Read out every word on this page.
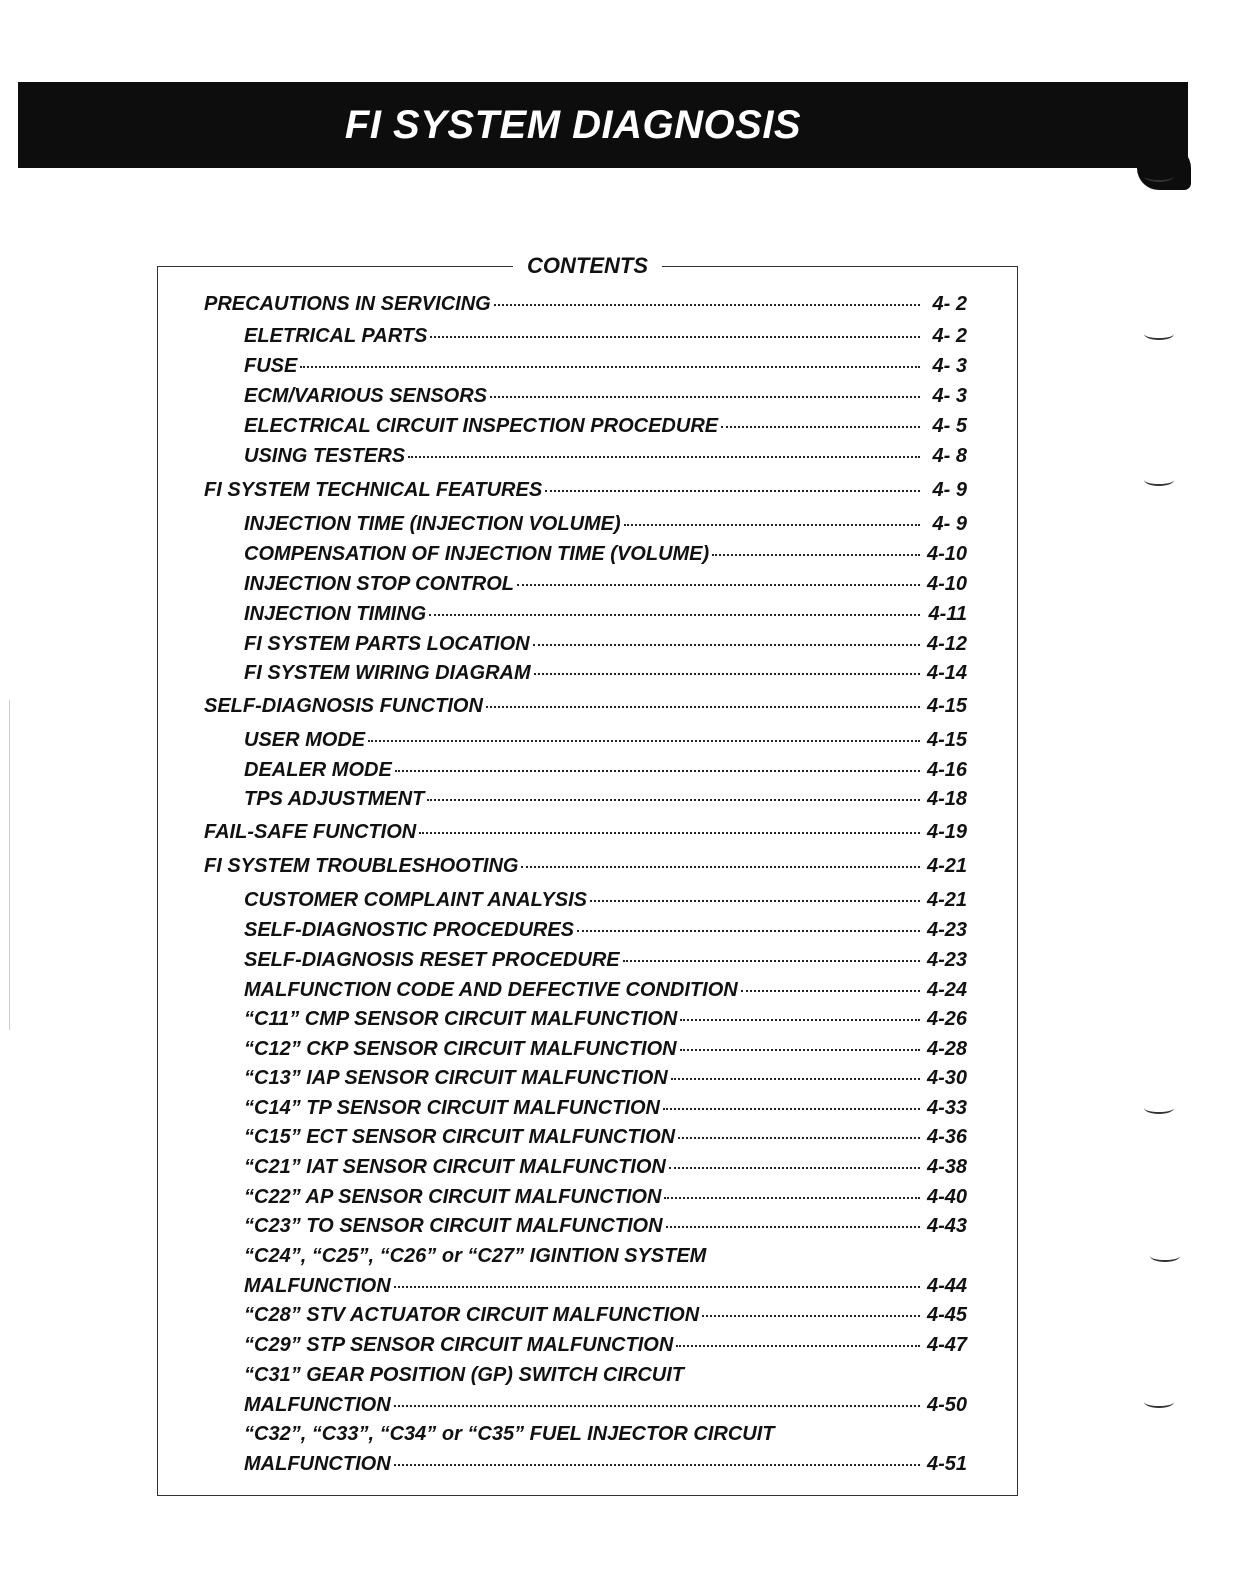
FI SYSTEM DIAGNOSIS
CONTENTS
PRECAUTIONS IN SERVICING	4- 2
ELETRICAL PARTS	4- 2
FUSE	4- 3
ECM/VARIOUS SENSORS	4- 3
ELECTRICAL CIRCUIT INSPECTION PROCEDURE	4- 5
USING TESTERS	4- 8
FI SYSTEM TECHNICAL FEATURES	4- 9
INJECTION TIME (INJECTION VOLUME)	4- 9
COMPENSATION OF INJECTION TIME (VOLUME)	4-10
INJECTION STOP CONTROL	4-10
INJECTION TIMING	4-11
FI SYSTEM PARTS LOCATION	4-12
FI SYSTEM WIRING DIAGRAM	4-14
SELF-DIAGNOSIS FUNCTION	4-15
USER MODE	4-15
DEALER MODE	4-16
TPS ADJUSTMENT	4-18
FAIL-SAFE FUNCTION	4-19
FI SYSTEM TROUBLESHOOTING	4-21
CUSTOMER COMPLAINT ANALYSIS	4-21
SELF-DIAGNOSTIC PROCEDURES	4-23
SELF-DIAGNOSIS RESET PROCEDURE	4-23
MALFUNCTION CODE AND DEFECTIVE CONDITION	4-24
“C11” CMP SENSOR CIRCUIT MALFUNCTION	4-26
“C12” CKP SENSOR CIRCUIT MALFUNCTION	4-28
“C13” IAP SENSOR CIRCUIT MALFUNCTION	4-30
“C14” TP SENSOR CIRCUIT MALFUNCTION	4-33
“C15” ECT SENSOR CIRCUIT MALFUNCTION	4-36
“C21” IAT SENSOR CIRCUIT MALFUNCTION	4-38
“C22” AP SENSOR CIRCUIT MALFUNCTION	4-40
“C23” TO SENSOR CIRCUIT MALFUNCTION	4-43
“C24”, “C25”, “C26” or “C27” IGINTION SYSTEM
MALFUNCTION	4-44
“C28” STV ACTUATOR CIRCUIT MALFUNCTION	4-45
“C29” STP SENSOR CIRCUIT MALFUNCTION	4-47
“C31” GEAR POSITION (GP) SWITCH CIRCUIT
MALFUNCTION	4-50
“C32”, “C33”, “C34” or “C35” FUEL INJECTOR CIRCUIT
MALFUNCTION	4-51
